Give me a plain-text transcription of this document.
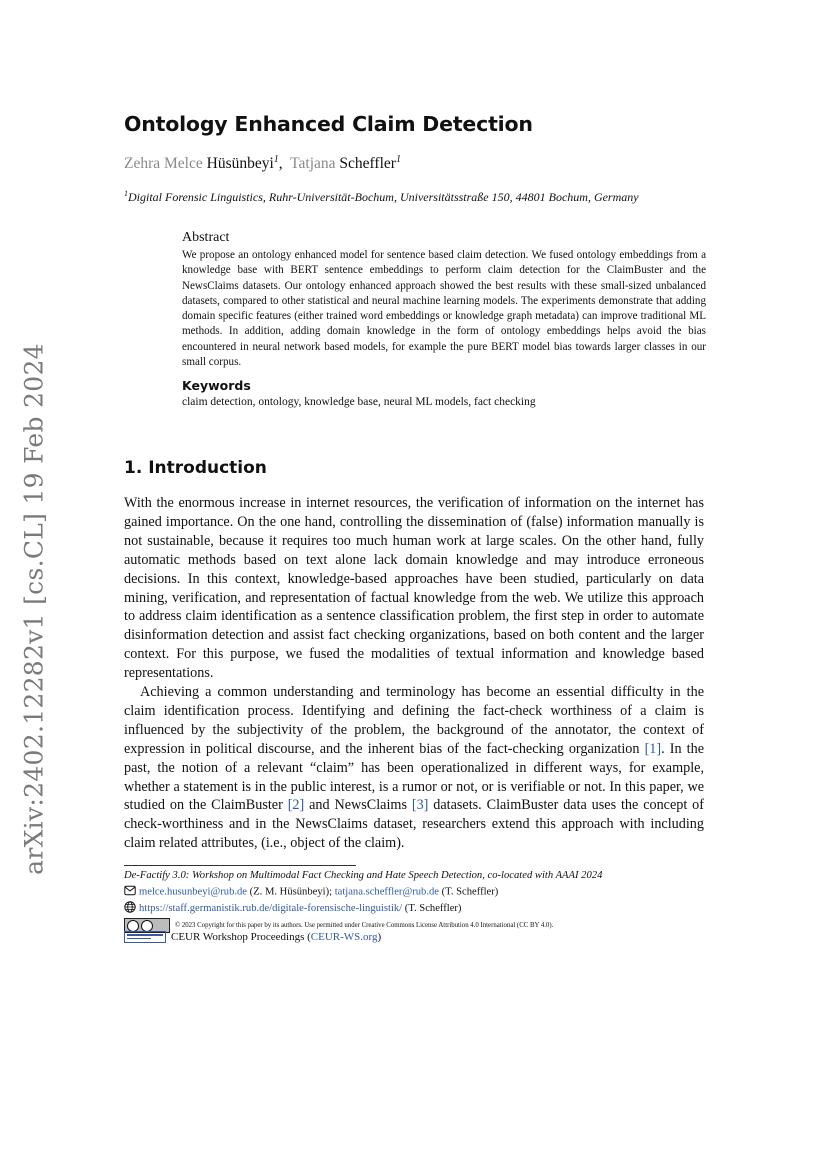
arXiv:2402.12282v1 [cs.CL] 19 Feb 2024
Ontology Enhanced Claim Detection
Zehra Melce Hüsünbeyi$^1$,  Tatjana Scheffler$^1$
$^1$Digital Forensic Linguistics, Ruhr-Universität-Bochum, Universitätsstraße 150, 44801 Bochum, Germany
Abstract
We propose an ontology enhanced model for sentence based claim detection. We fused ontology embeddings from a knowledge base with BERT sentence embeddings to perform claim detection for the ClaimBuster and the NewsClaims datasets. Our ontology enhanced approach showed the best results with these small-sized unbalanced datasets, compared to other statistical and neural machine learning models. The experiments demonstrate that adding domain specific features (either trained word embeddings or knowledge graph metadata) can improve traditional ML methods. In addition, adding domain knowledge in the form of ontology embeddings helps avoid the bias encountered in neural network based models, for example the pure BERT model bias towards larger classes in our small corpus.
Keywords
claim detection, ontology, knowledge base, neural ML models, fact checking
1. Introduction

With the enormous increase in internet resources, the verification of information on the internet has gained importance. On the one hand, controlling the dissemination of (false) information manually is not sustainable, because it requires too much human work at large scales. On the other hand, fully automatic methods based on text alone lack domain knowledge and may introduce erroneous decisions. In this context, knowledge-based approaches have been studied, particularly on data mining, verification, and representation of factual knowledge from the web. We utilize this approach to address claim identification as a sentence classification problem, the first step in order to automate disinformation detection and assist fact checking organizations, based on both content and the larger context. For this purpose, we fused the modalities of textual information and knowledge based representations.

Achieving a common understanding and terminology has become an essential difficulty in the claim identification process. Identifying and defining the fact-check worthiness of a claim is influenced by the subjectivity of the problem, the background of the annotator, the context of expression in political discourse, and the inherent bias of the fact-checking organization [1]. In the past, the notion of a relevant “claim” has been operationalized in different ways, for example, whether a statement is in the public interest, is a rumor or not, or is verifiable or not. In this paper, we studied on the ClaimBuster [2] and NewsClaims [3] datasets. ClaimBuster data uses the concept of check-worthiness and in the NewsClaims dataset, researchers extend this approach with including claim related attributes, (i.e., object of the claim).

De-Factify 3.0: Workshop on Multimodal Fact Checking and Hate Speech Detection, co-located with AAAI 2024
melce.husunbeyi@rub.de (Z. M. Hüsünbeyi); tatjana.scheffler@rub.de (T. Scheffler)
https://staff.germanistik.rub.de/digitale-forensische-linguistik/ (T. Scheffler)
© 2023 Copyright for this paper by its authors. Use permitted under Creative Commons License Attribution 4.0 International (CC BY 4.0).
CEUR Workshop Proceedings (CEUR-WS.org)
